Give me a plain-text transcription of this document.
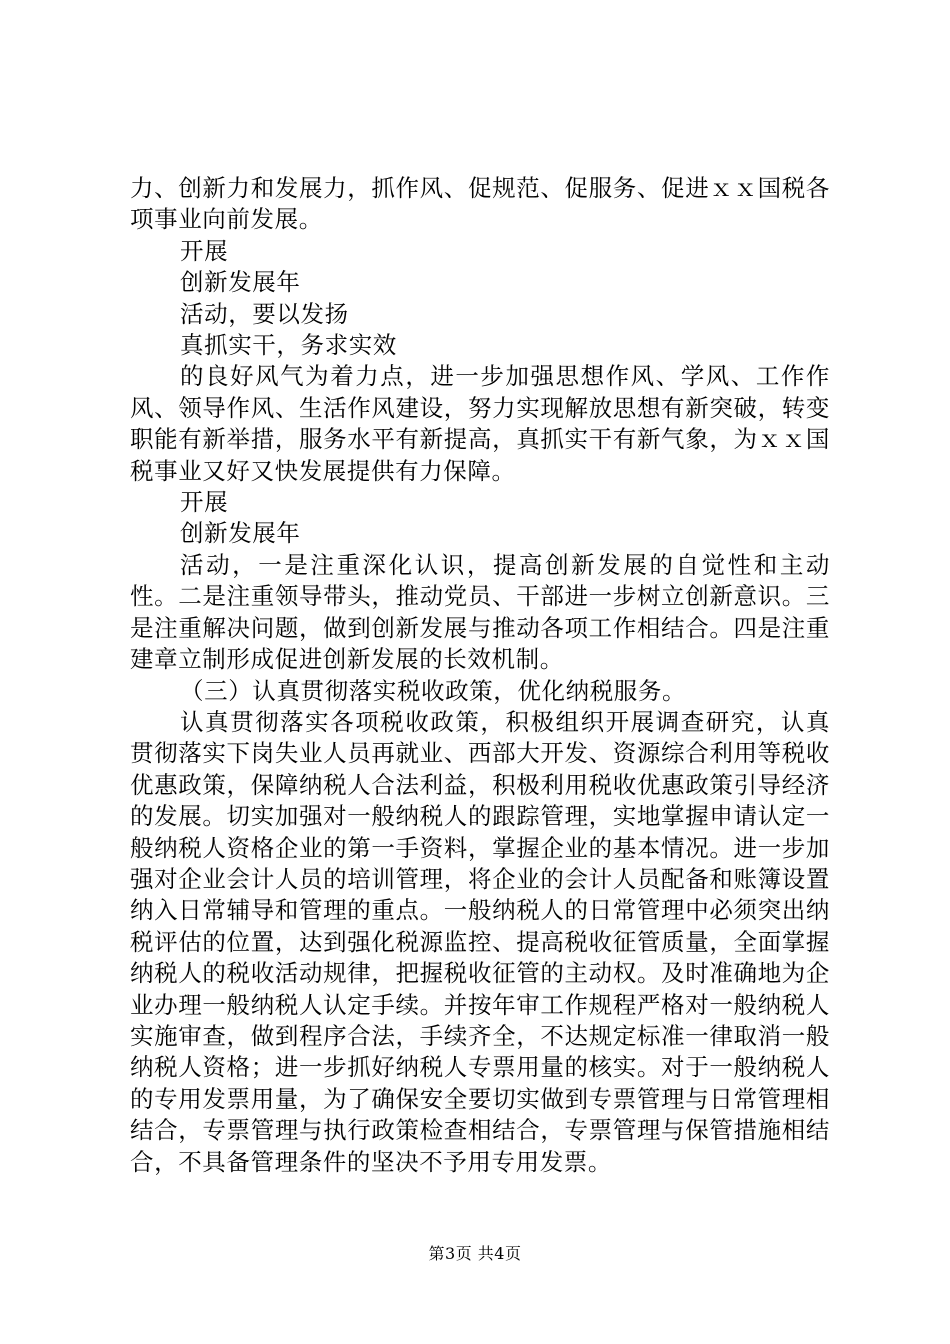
力、创新力和发展力，抓作风、促规范、促服务、促进ｘｘ国税各项事业向前发展。

开展

创新发展年

活动，要以发扬

真抓实干，务求实效

的良好风气为着力点，进一步加强思想作风、学风、工作作风、领导作风、生活作风建设，努力实现解放思想有新突破，转变职能有新举措，服务水平有新提高，真抓实干有新气象，为ｘｘ国税事业又好又快发展提供有力保障。

开展

创新发展年

活动，一是注重深化认识，提高创新发展的自觉性和主动性。二是注重领导带头，推动党员、干部进一步树立创新意识。三是注重解决问题，做到创新发展与推动各项工作相结合。四是注重建章立制形成促进创新发展的长效机制。

（三）认真贯彻落实税收政策，优化纳税服务。

认真贯彻落实各项税收政策，积极组织开展调查研究，认真贯彻落实下岗失业人员再就业、西部大开发、资源综合利用等税收优惠政策，保障纳税人合法利益，积极利用税收优惠政策引导经济的发展。切实加强对一般纳税人的跟踪管理，实地掌握申请认定一般纳税人资格企业的第一手资料，掌握企业的基本情况。进一步加强对企业会计人员的培训管理，将企业的会计人员配备和账簿设置纳入日常辅导和管理的重点。一般纳税人的日常管理中必须突出纳税评估的位置，达到强化税源监控、提高税收征管质量，全面掌握纳税人的税收活动规律，把握税收征管的主动权。及时准确地为企业办理一般纳税人认定手续。并按年审工作规程严格对一般纳税人实施审查，做到程序合法，手续齐全，不达规定标准一律取消一般纳税人资格；进一步抓好纳税人专票用量的核实。对于一般纳税人的专用发票用量，为了确保安全要切实做到专票管理与日常管理相结合，专票管理与执行政策检查相结合，专票管理与保管措施相结合，不具备管理条件的坚决不予用专用发票。

第3页 共4页
